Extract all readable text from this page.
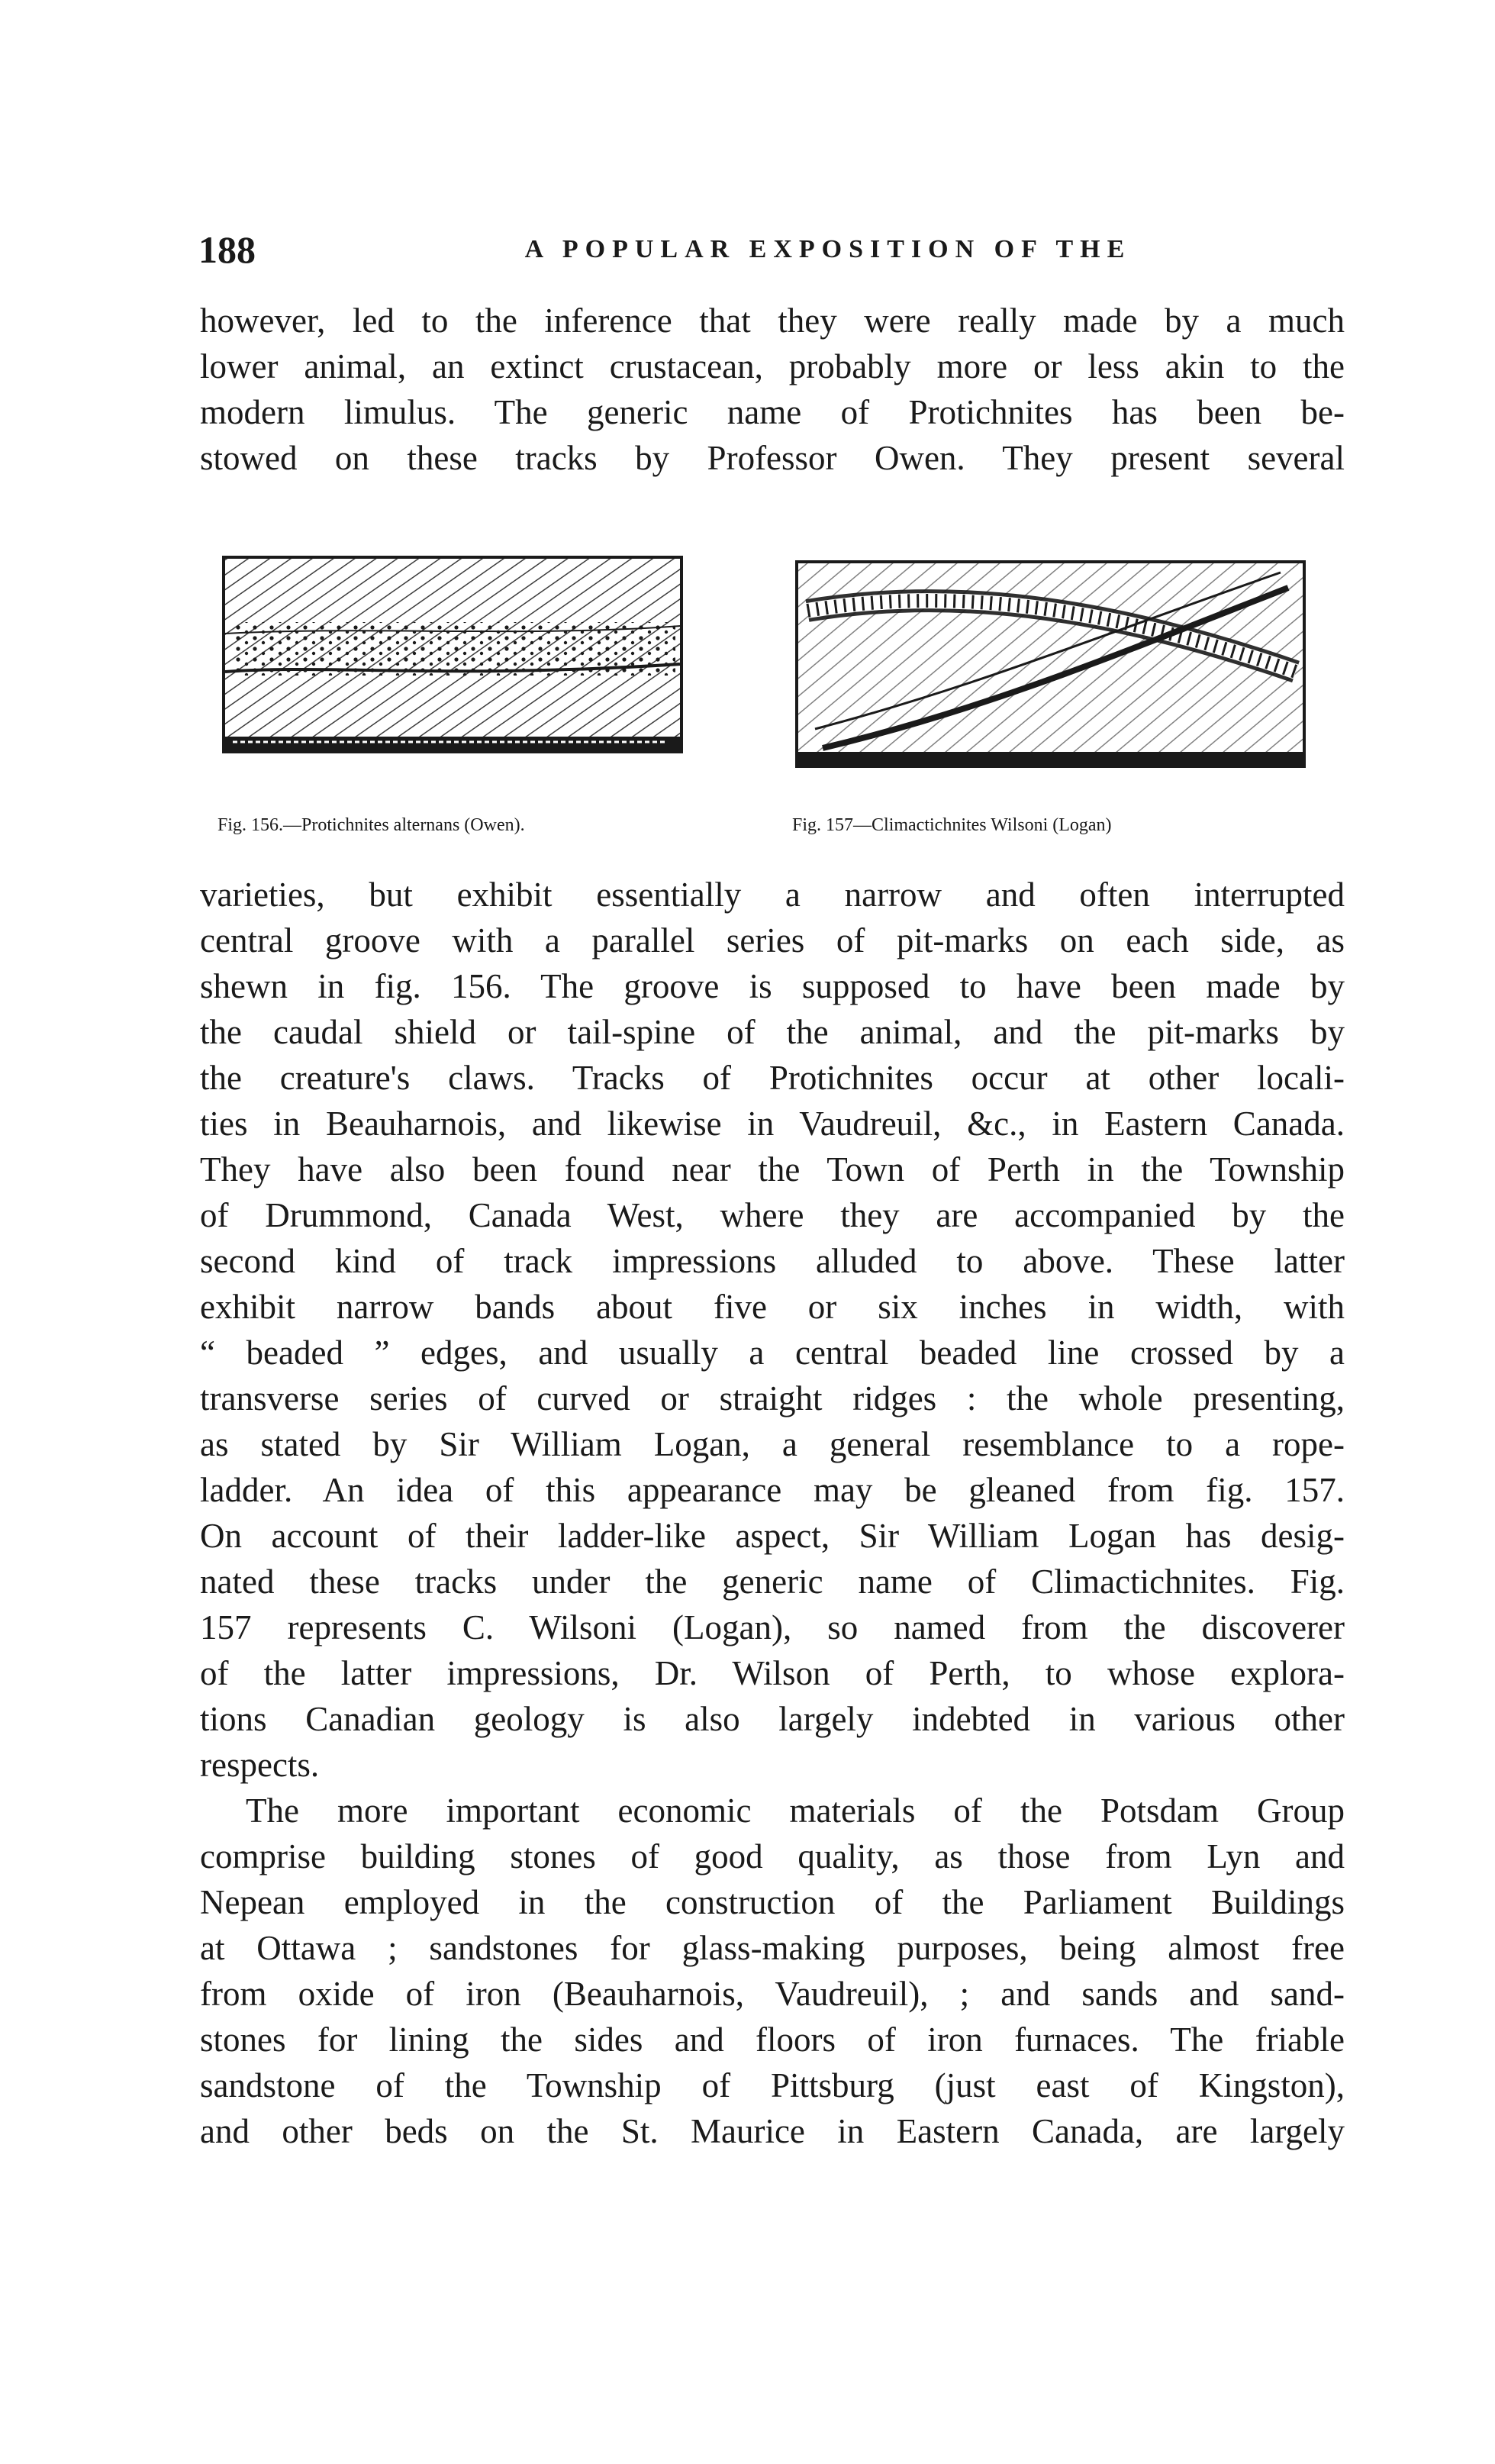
188	A POPULAR EXPOSITION OF THE
however, led to the inference that they were really made by a much
lower animal, an extinct crustacean, probably more or less akin to the
modern limulus. The generic name of Protichnites has been be-
stowed on these tracks by Professor Owen. They present several
Fig. 156.—Protichnites alternans (Owen).	Fig. 157—Climactichnites Wilsoni (Logan)
varieties, but exhibit essentially a narrow and often interrupted
central groove with a parallel series of pit-marks on each side, as
shewn in fig. 156. The groove is supposed to have been made by
the caudal shield or tail-spine of the animal, and the pit-marks by
the creature's claws. Tracks of Protichnites occur at other locali-
ties in Beauharnois, and likewise in Vaudreuil, &c., in Eastern Canada.
They have also been found near the Town of Perth in the Township
of Drummond, Canada West, where they are accompanied by the
second kind of track impressions alluded to above. These latter
exhibit narrow bands about five or six inches in width, with
“ beaded ” edges, and usually a central beaded line crossed by a
transverse series of curved or straight ridges : the whole presenting,
as stated by Sir William Logan, a general resemblance to a rope-
ladder. An idea of this appearance may be gleaned from fig. 157.
On account of their ladder-like aspect, Sir William Logan has desig-
nated these tracks under the generic name of Climactichnites. Fig.
157 represents C. Wilsoni (Logan), so named from the discoverer
of the latter impressions, Dr. Wilson of Perth, to whose explora-
tions Canadian geology is also largely indebted in various other
respects.
The more important economic materials of the Potsdam Group
comprise building stones of good quality, as those from Lyn and
Nepean employed in the construction of the Parliament Buildings
at Ottawa ; sandstones for glass-making purposes, being almost free
from oxide of iron (Beauharnois, Vaudreuil), ; and sands and sand-
stones for lining the sides and floors of iron furnaces. The friable
sandstone of the Township of Pittsburg (just east of Kingston),
and other beds on the St. Maurice in Eastern Canada, are largely
